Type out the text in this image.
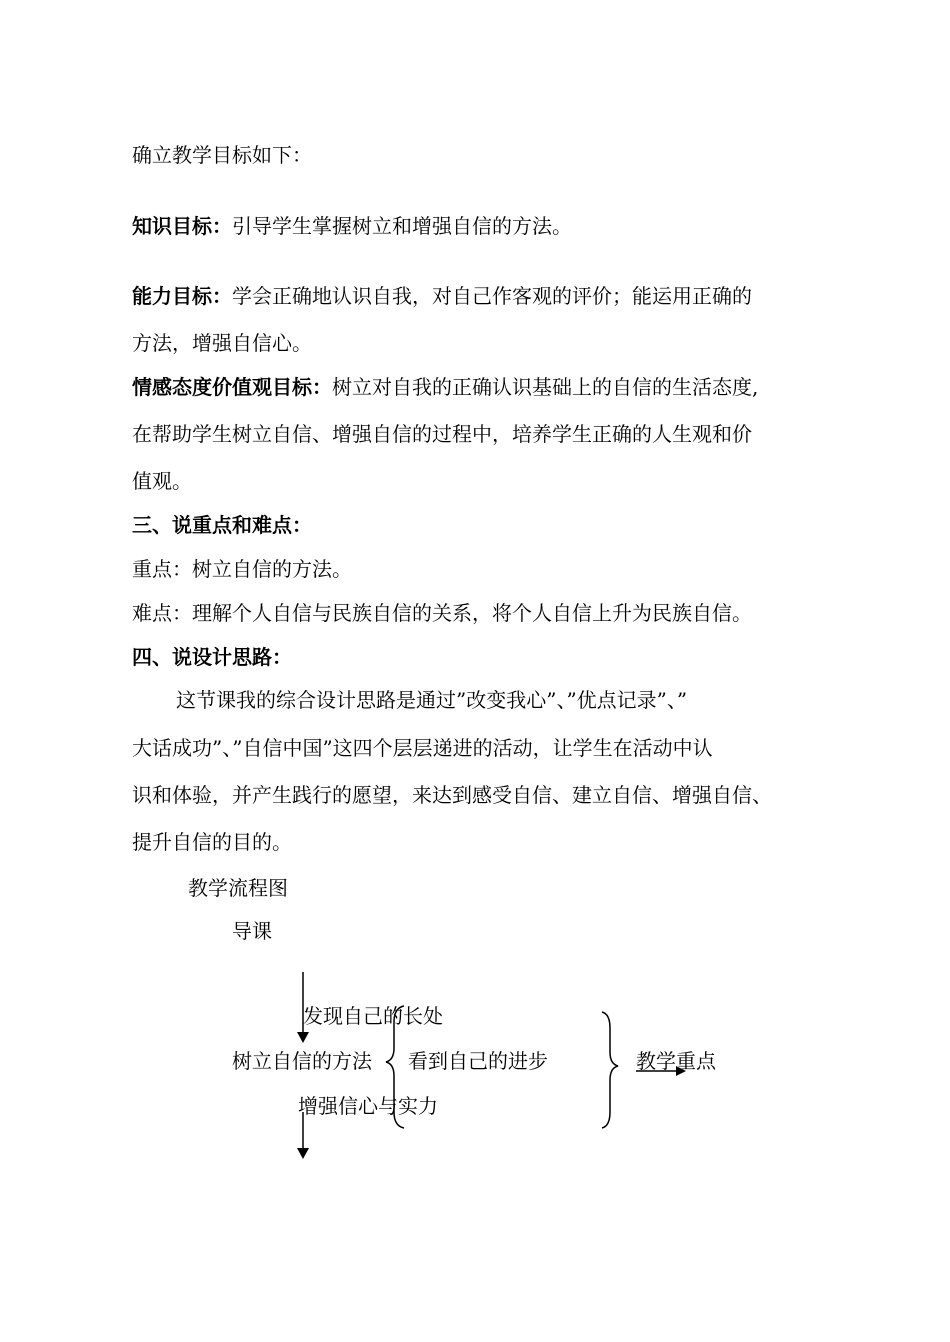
确立教学目标如下：
知识目标：引导学生掌握树立和增强自信的方法。
能力目标：学会正确地认识自我，对自己作客观的评价；能运用正确的
方法，增强自信心。
情感态度价值观目标：树立对自我的正确认识基础上的自信的生活态度,
在帮助学生树立自信、增强自信的过程中，培养学生正确的人生观和价
值观。
三、说重点和难点：
重点：树立自信的方法。
难点：理解个人自信与民族自信的关系，将个人自信上升为民族自信。
四、说设计思路：
这节课我的综合设计思路是通过”改变我心”、”优点记录”、”
大话成功”、”自信中国”这四个层层递进的活动，让学生在活动中认
识和体验，并产生践行的愿望，来达到感受自信、建立自信、增强自信、
提升自信的目的。
教学流程图
导课
发现自己的长处
树立自信的方法 看到自己的进步
增强信心与实力
教学重点
